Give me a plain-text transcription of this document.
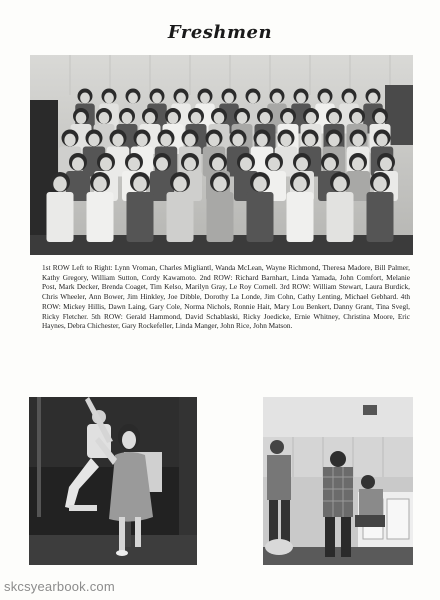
Freshmen
1st ROW Left to Right: Lynn Vroman, Charles Migliantl, Wanda McLean, Wayne Richmond, Theresa Madore, Bill Palmer, Kathy Gregory, William Sutton, Cordy Kawamoto. 2nd ROW: Richard Barnhart, Linda Yamada, John Comfort, Melanie Post, Mark Decker, Brenda Coaget, Tim Kelso, Marilyn Gray, Le Roy Cornell. 3rd ROW: William Stewart, Laura Burdick, Chris Wheeler, Ann Bower, Jim Hinkley, Joe Dibble, Dorothy La Londe, Jim Cohn, Cathy Lenting, Michael Gebhard. 4th ROW: Mickey Hillis, Dawn Laing, Gary Cole, Norma Nichols, Ronnie Hait, Mary Lou Benkert, Danny Grant, Tina Svegl, Ricky Fletcher. 5th ROW: Gerald Hammond, David Schablaski, Ricky Joedicke, Ernie Whitney, Christina Moore, Eric Haynes, Debra Chichester, Gary Rockefeller, Linda Manger, John Rice, John Matson.
skcsyearbook.com
